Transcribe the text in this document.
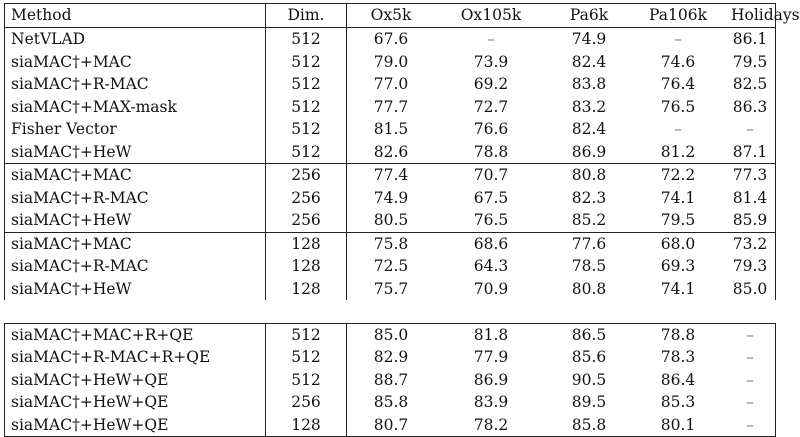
Method	Dim.	Ox5k	Ox105k	Pa6k	Pa106k	Holidays
NetVLAD	512	67.6	–	74.9	–	86.1
siaMAC†+MAC	512	79.0	73.9	82.4	74.6	79.5
siaMAC†+R-MAC	512	77.0	69.2	83.8	76.4	82.5
siaMAC†+MAX-mask	512	77.7	72.7	83.2	76.5	86.3
Fisher Vector	512	81.5	76.6	82.4	–	–
siaMAC†+HeW	512	82.6	78.8	86.9	81.2	87.1
siaMAC†+MAC	256	77.4	70.7	80.8	72.2	77.3
siaMAC†+R-MAC	256	74.9	67.5	82.3	74.1	81.4
siaMAC†+HeW	256	80.5	76.5	85.2	79.5	85.9
siaMAC†+MAC	128	75.8	68.6	77.6	68.0	73.2
siaMAC†+R-MAC	128	72.5	64.3	78.5	69.3	79.3
siaMAC†+HeW	128	75.7	70.9	80.8	74.1	85.0

siaMAC†+MAC+R+QE	512	85.0	81.8	86.5	78.8	–
siaMAC†+R-MAC+R+QE	512	82.9	77.9	85.6	78.3	–
siaMAC†+HeW+QE	512	88.7	86.9	90.5	86.4	–
siaMAC†+HeW+QE	256	85.8	83.9	89.5	85.3	–
siaMAC†+HeW+QE	128	80.7	78.2	85.8	80.1	–
